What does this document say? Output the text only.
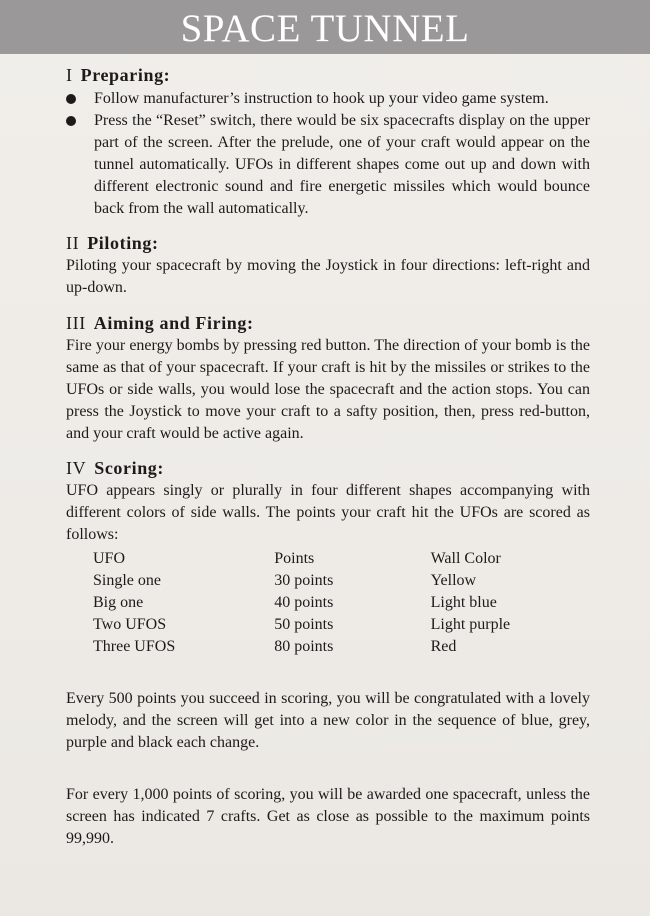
SPACE TUNNEL
I Preparing:
Follow manufacturer’s instruction to hook up your video game system.
Press the “Reset” switch, there would be six spacecrafts display on the upper part of the screen. After the prelude, one of your craft would appear on the tunnel automatically. UFOs in different shapes come out up and down with different electronic sound and fire energetic missiles which would bounce back from the wall automatically.
II Piloting:

Piloting your spacecraft by moving the Joystick in four directions: left-right and up-down.

III Aiming and Firing:

Fire your energy bombs by pressing red button. The direction of your bomb is the same as that of your spacecraft. If your craft is hit by the missiles or strikes to the UFOs or side walls, you would lose the spacecraft and the action stops. You can press the Joystick to move your craft to a safty position, then, press red-button, and your craft would be active again.

IV Scoring:

UFO appears singly or plurally in four different shapes accompanying with different colors of side walls. The points your craft hit the UFOs are scored as follows:

UFO	Points	Wall Color
Single one	30 points	Yellow
Big one	40 points	Light blue
Two UFOS	50 points	Light purple
Three UFOS	80 points	Red

Every 500 points you succeed in scoring, you will be congratulated with a lovely melody, and the screen will get into a new color in the sequence of blue, grey, purple and black each change.

For every 1,000 points of scoring, you will be awarded one spacecraft, unless the screen has indicated 7 crafts. Get as close as possible to the maximum points 99,990.
